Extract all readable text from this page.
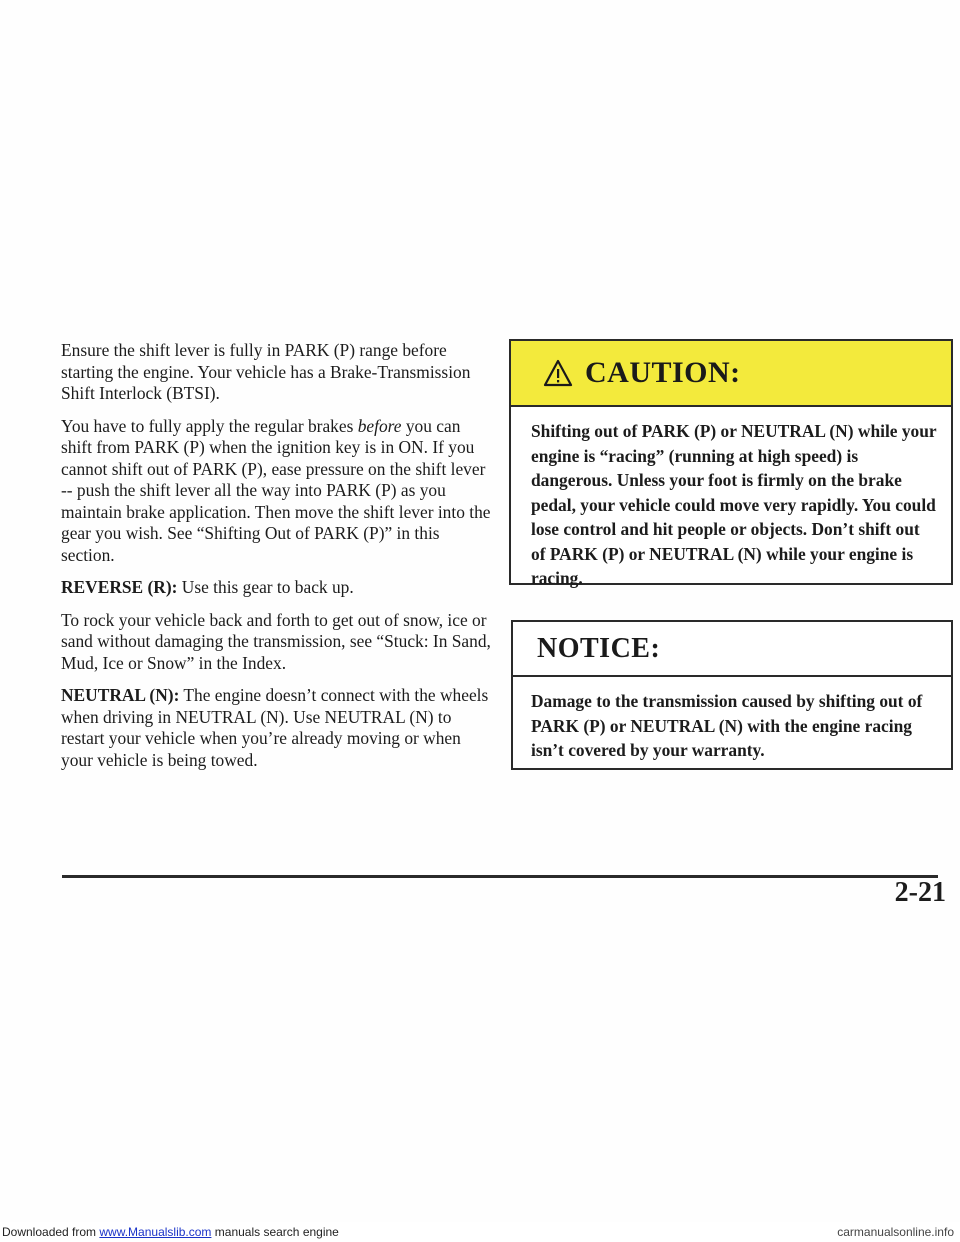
Ensure the shift lever is fully in PARK (P) range before starting the engine. Your vehicle has a Brake-Transmission Shift Interlock (BTSI).

You have to fully apply the regular brakes before you can shift from PARK (P) when the ignition key is in ON. If you cannot shift out of PARK (P), ease pressure on the shift lever -- push the shift lever all the way into PARK (P) as you maintain brake application. Then move the shift lever into the gear you wish. See “Shifting Out of PARK (P)” in this section.

REVERSE (R): Use this gear to back up.

To rock your vehicle back and forth to get out of snow, ice or sand without damaging the transmission, see “Stuck: In Sand, Mud, Ice or Snow” in the Index.

NEUTRAL (N): The engine doesn’t connect with the wheels when driving in NEUTRAL (N). Use NEUTRAL (N) to restart your vehicle when you’re already moving or when your vehicle is being towed.

CAUTION:
Shifting out of PARK (P) or NEUTRAL (N) while your engine is “racing” (running at high speed) is dangerous. Unless your foot is firmly on the brake pedal, your vehicle could move very rapidly. You could lose control and hit people or objects. Don’t shift out of PARK (P) or NEUTRAL (N) while your engine is racing.
NOTICE:
Damage to the transmission caused by shifting out of PARK (P) or NEUTRAL (N) with the engine racing isn’t covered by your warranty.
2-21
Downloaded from www.Manualslib.com manuals search engine	carmanualsonline.info
